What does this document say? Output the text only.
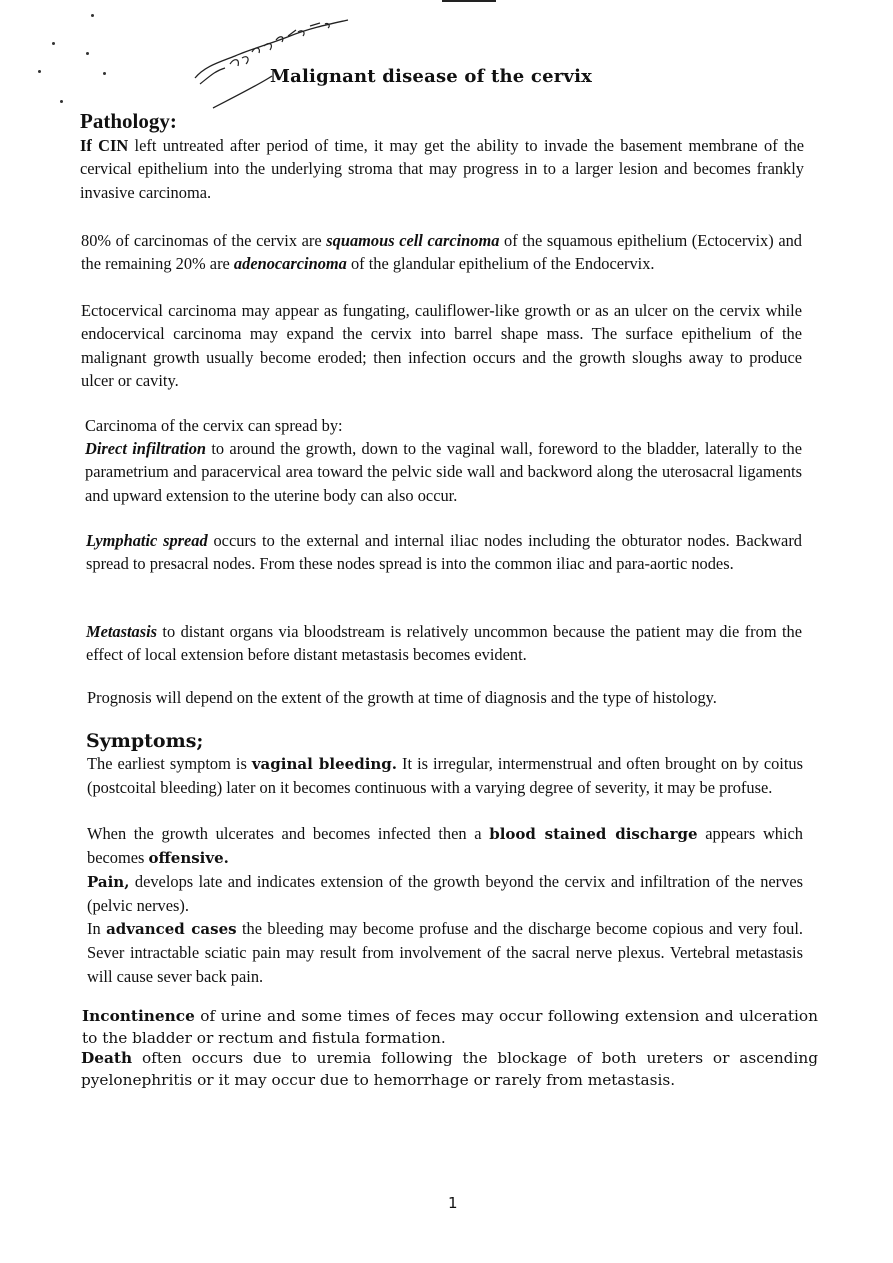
Malignant disease of the cervix
Pathology:

If CIN left untreated after period of time, it may get the ability to invade the basement membrane of the cervical epithelium into the underlying stroma that may progress in to a larger lesion and becomes frankly invasive carcinoma.

80% of carcinomas of the cervix are squamous cell carcinoma of the squamous epithelium (Ectocervix) and the remaining 20% are adenocarcinoma of the glandular epithelium of the Endocervix.

Ectocervical carcinoma may appear as fungating, cauliflower-like growth or as an ulcer on the cervix while endocervical carcinoma may expand the cervix into barrel shape mass. The surface epithelium of the malignant growth usually become eroded; then infection occurs and the growth sloughs away to produce ulcer or cavity.

Carcinoma of the cervix can spread by:

Direct infiltration to around the growth, down to the vaginal wall, foreword to the bladder, laterally to the parametrium and paracervical area toward the pelvic side wall and backword along the uterosacral ligaments and upward extension to the uterine body can also occur.

Lymphatic spread occurs to the external and internal iliac nodes including the obturator nodes. Backward spread to presacral nodes. From these nodes spread is into the common iliac and para-aortic nodes.

Metastasis to distant organs via bloodstream is relatively uncommon because the patient may die from the effect of local extension before distant metastasis becomes evident.

Prognosis will depend on the extent of the growth at time of diagnosis and the type of histology.

Symptoms;

The earliest symptom is vaginal bleeding. It is irregular, intermenstrual and often brought on by coitus (postcoital bleeding) later on it becomes continuous with a varying degree of severity, it may be profuse.

When the growth ulcerates and becomes infected then a blood stained discharge appears which becomes offensive.

Pain, develops late and indicates extension of the growth beyond the cervix and infiltration of the nerves (pelvic nerves).

In advanced cases the bleeding may become profuse and the discharge become copious and very foul. Sever intractable sciatic pain may result from involvement of the sacral nerve plexus. Vertebral metastasis will cause sever back pain.

Incontinence of urine and some times of feces may occur following extension and ulceration to the bladder or rectum and fistula formation.

Death often occurs due to uremia following the blockage of both ureters or ascending pyelonephritis or it may occur due to hemorrhage or rarely from metastasis.

1
